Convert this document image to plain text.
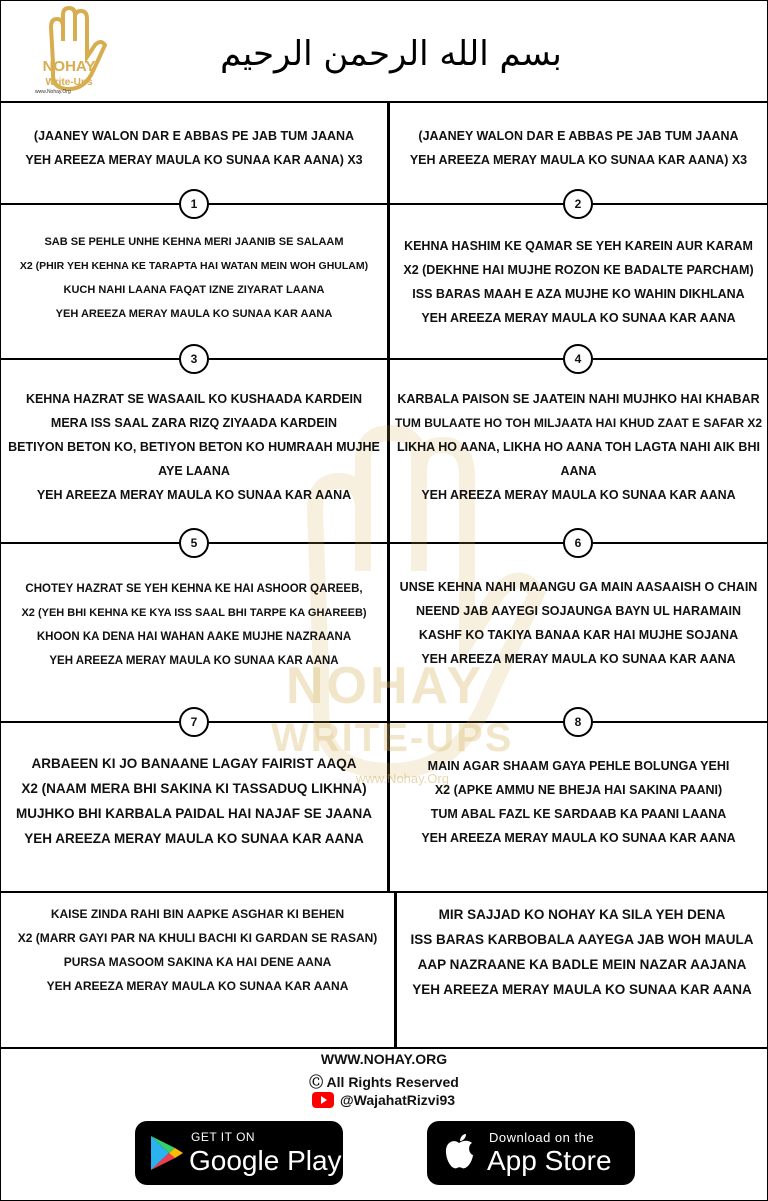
NOHAY
Write-Ups
www.Nohay.Org
بسم الله الرحمن الرحيم
NOHAY
WRITE-UPS
www.Nohay.Org
(JAANEY WALON DAR E ABBAS PE JAB TUM JAANA
YEH AREEZA MERAY MAULA KO SUNAA KAR AANA) X3
(JAANEY WALON DAR E ABBAS PE JAB TUM JAANA
YEH AREEZA MERAY MAULA KO SUNAA KAR AANA) X3
1	2
3	4
5	6
7	8
SAB SE PEHLE UNHE KEHNA MERI JAANIB SE SALAAM
X2 (PHIR YEH KEHNA KE TARAPTA HAI WATAN MEIN WOH GHULAM)
KUCH NAHI LAANA FAQAT IZNE ZIYARAT LAANA
YEH AREEZA MERAY MAULA KO SUNAA KAR AANA
KEHNA HASHIM KE QAMAR SE YEH KAREIN AUR KARAM
X2 (DEKHNE HAI MUJHE ROZON KE BADALTE PARCHAM)
ISS BARAS MAAH E AZA MUJHE KO WAHIN DIKHLANA
YEH AREEZA MERAY MAULA KO SUNAA KAR AANA
KEHNA HAZRAT SE WASAAIL KO KUSHAADA KARDEIN
MERA ISS SAAL ZARA RIZQ ZIYAADA KARDEIN
BETIYON BETON KO, BETIYON BETON KO HUMRAAH MUJHE
AYE LAANA
YEH AREEZA MERAY MAULA KO SUNAA KAR AANA
KARBALA PAISON SE JAATEIN NAHI MUJHKO HAI KHABAR
TUM BULAATE HO TOH MILJAATA HAI KHUD ZAAT E SAFAR X2
LIKHA HO AANA, LIKHA HO AANA TOH LAGTA NAHI AIK BHI
AANA
YEH AREEZA MERAY MAULA KO SUNAA KAR AANA
CHOTEY HAZRAT SE YEH KEHNA KE HAI ASHOOR QAREEB,
X2 (YEH BHI KEHNA KE KYA ISS SAAL BHI TARPE KA GHAREEB)
KHOON KA DENA HAI WAHAN AAKE MUJHE NAZRAANA
YEH AREEZA MERAY MAULA KO SUNAA KAR AANA
UNSE KEHNA NAHI MAANGU GA MAIN AASAAISH O CHAIN
NEEND JAB AAYEGI SOJAUNGA BAYN UL HARAMAIN
KASHF KO TAKIYA BANAA KAR HAI MUJHE SOJANA
YEH AREEZA MERAY MAULA KO SUNAA KAR AANA
ARBAEEN KI JO BANAANE LAGAY FAIRIST AAQA
X2 (NAAM MERA BHI SAKINA KI TASSADUQ LIKHNA)
MUJHKO BHI KARBALA PAIDAL HAI NAJAF SE JAANA
YEH AREEZA MERAY MAULA KO SUNAA KAR AANA
MAIN AGAR SHAAM GAYA PEHLE BOLUNGA YEHI
X2 (APKE AMMU NE BHEJA HAI SAKINA PAANI)
TUM ABAL FAZL KE SARDAAB KA PAANI LAANA
YEH AREEZA MERAY MAULA KO SUNAA KAR AANA
KAISE ZINDA RAHI BIN AAPKE ASGHAR KI BEHEN
X2 (MARR GAYI PAR NA KHULI BACHI KI GARDAN SE RASAN)
PURSA MASOOM SAKINA KA HAI DENE AANA
YEH AREEZA MERAY MAULA KO SUNAA KAR AANA
MIR SAJJAD KO NOHAY KA SILA YEH DENA
ISS BARAS KARBOBALA AAYEGA JAB WOH MAULA
AAP NAZRAANE KA BADLE MEIN NAZAR AAJANA
YEH AREEZA MERAY MAULA KO SUNAA KAR AANA
WWW.NOHAY.ORG
Ⓒ All Rights Reserved
@WajahatRizvi93
GET IT ON
Google Play
Download on the
App Store
